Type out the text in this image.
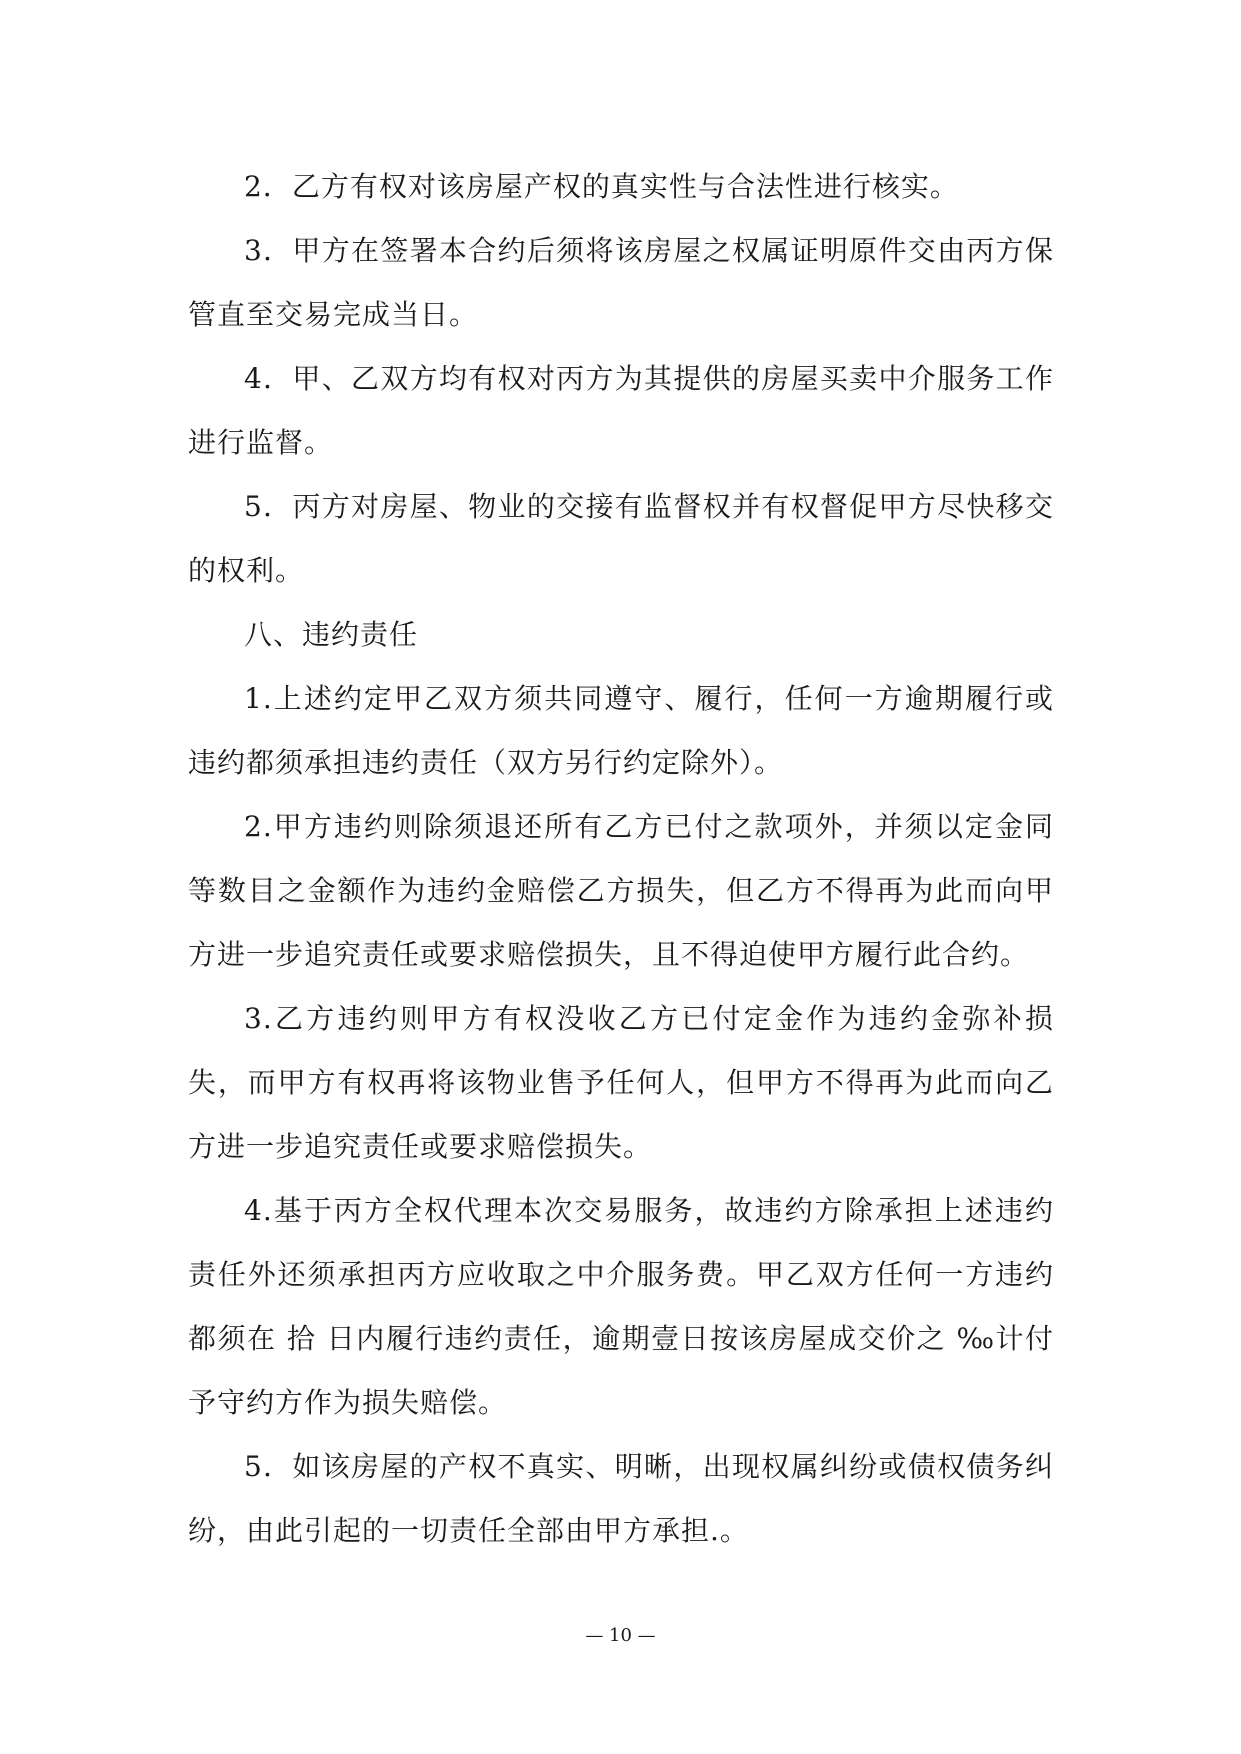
2．乙方有权对该房屋产权的真实性与合法性进行核实。

3．甲方在签署本合约后须将该房屋之权属证明原件交由丙方保管直至交易完成当日。

4．甲、乙双方均有权对丙方为其提供的房屋买卖中介服务工作进行监督。

5．丙方对房屋、物业的交接有监督权并有权督促甲方尽快移交的权利。

八、违约责任

1.上述约定甲乙双方须共同遵守、履行，任何一方逾期履行或违约都须承担违约责任（双方另行约定除外）。

2.甲方违约则除须退还所有乙方已付之款项外，并须以定金同等数目之金额作为违约金赔偿乙方损失，但乙方不得再为此而向甲方进一步追究责任或要求赔偿损失，且不得迫使甲方履行此合约。

3.乙方违约则甲方有权没收乙方已付定金作为违约金弥补损失，而甲方有权再将该物业售予任何人，但甲方不得再为此而向乙方进一步追究责任或要求赔偿损失。

4.基于丙方全权代理本次交易服务，故违约方除承担上述违约责任外还须承担丙方应收取之中介服务费。甲乙双方任何一方违约都须在 拾 日内履行违约责任，逾期壹日按该房屋成交价之 ‰计付予守约方作为损失赔偿。

5．如该房屋的产权不真实、明晰，出现权属纠纷或债权债务纠纷，由此引起的一切责任全部由甲方承担.。

— 10 —
